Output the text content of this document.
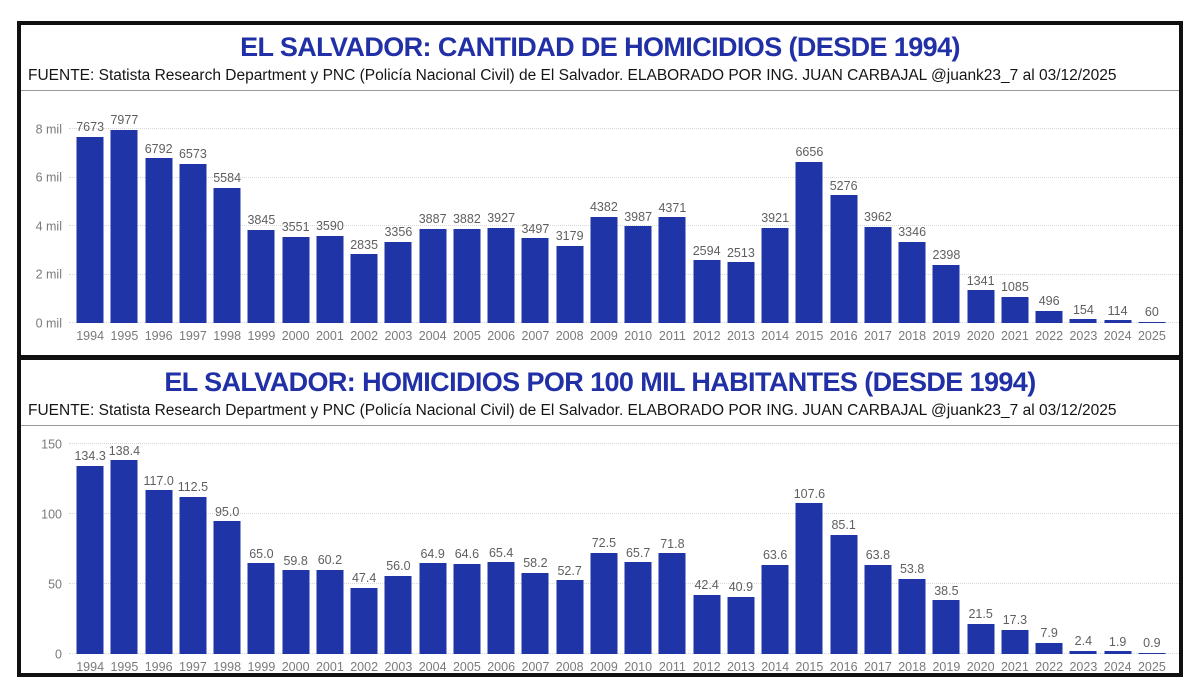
EL SALVADOR: CANTIDAD DE HOMICIDIOS (DESDE 1994)
FUENTE: Statista Research Department y PNC (Policía Nacional Civil) de El Salvador. ELABORADO POR ING. JUAN CARBAJAL @juank23_7 al 03/12/2025
0 mil
2 mil
4 mil
6 mil
8 mil 7673
1994
7977
1995
6792
1996
6573
1997
5584
1998
3845
1999
3551
2000
3590
2001
2835
2002
3356
2003
3887
2004
3882
2005
3927
2006
3497
2007
3179
2008
4382
2009
3987
2010
4371
2011
2594
2012
2513
2013
3921
2014
6656
2015
5276
2016
3962
2017
3346
2018
2398
2019
1341
2020
1085
2021
496
2022
154
2023
114
2024
60
2025
EL SALVADOR: HOMICIDIOS POR 100 MIL HABITANTES (DESDE 1994)
FUENTE: Statista Research Department y PNC (Policía Nacional Civil) de El Salvador. ELABORADO POR ING. JUAN CARBAJAL @juank23_7 al 03/12/2025
0
50
100
150
134.3
1994
138.4
1995
117.0
1996
112.5
1997
95.0
1998
65.0
1999
59.8
2000
60.2
2001
47.4
2002
56.0
2003
64.9
2004
64.6
2005
65.4
2006
58.2
2007
52.7
2008
72.5
2009
65.7
2010
71.8
2011
42.4
2012
40.9
2013
63.6
2014
107.6
2015
85.1
2016
63.8
2017
53.8
2018
38.5
2019
21.5
2020
17.3
2021
7.9
2022
2.4
2023
1.9
2024
0.9
2025
